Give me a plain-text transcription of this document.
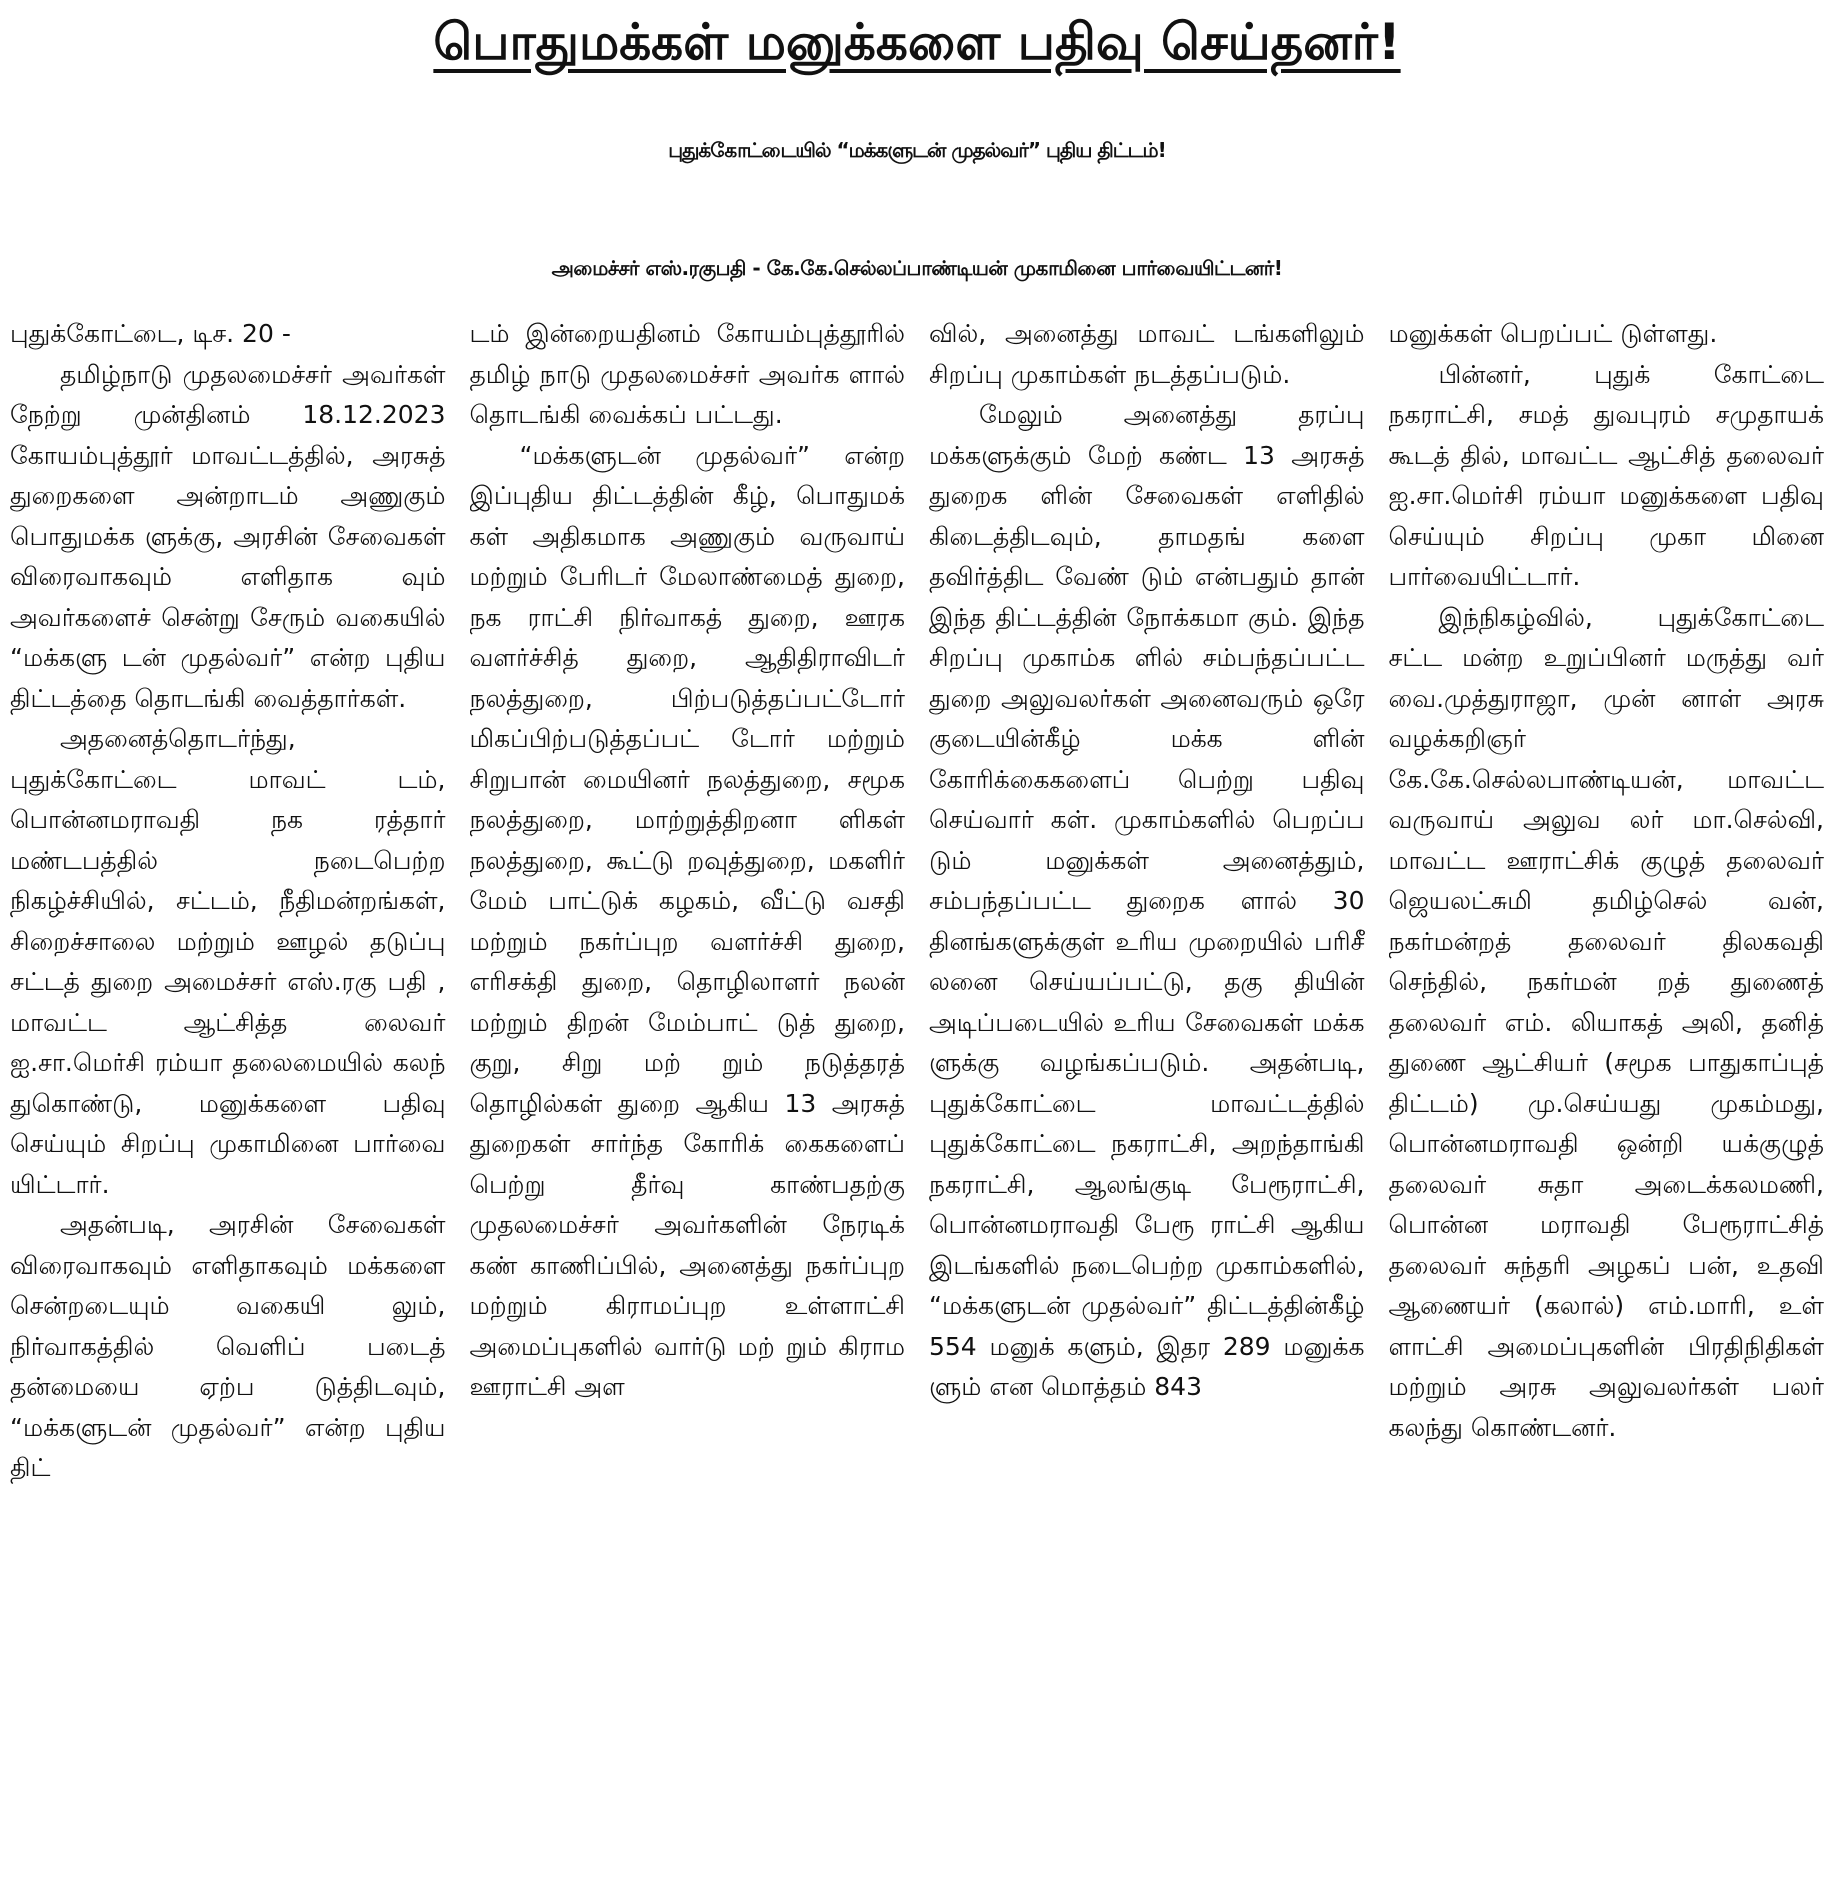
பொதுமக்கள் மனுக்களை பதிவு செய்தனர்!
புதுக்கோட்டையில் “மக்களுடன் முதல்வர்” புதிய திட்டம்!
அமைச்சர் எஸ்.ரகுபதி - கே.கே.செல்லப்பாண்டியன் முகாமினை பார்வையிட்டனர்!

புதுக்கோட்டை, டிச. 20 -

தமிழ்நாடு முதலமைச்சர் அவர்கள் நேற்று முன்தினம் 18.12.2023 கோயம்புத்தூர் மாவட்டத்தில், அரசுத் துறைகளை அன்றாடம் அணுகும் பொதுமக்க ளுக்கு, அரசின் சேவைகள் விரைவாகவும் எளிதாக வும் அவர்களைச் சென்று சேரும் வகையில் “மக்களு டன் முதல்வர்” என்ற புதிய திட்டத்தை தொடங்கி வைத்தார்கள்.

அதனைத்தொடர்ந்து, புதுக்கோட்டை மாவட் டம், பொன்னமராவதி நக ரத்தார் மண்டபத்தில் நடைபெற்ற நிகழ்ச்சியில், சட்டம், நீதிமன்றங்கள், சிறைச்சாலை மற்றும் ஊழல் தடுப்பு சட்டத் துறை அமைச்சர் எஸ்.ரகு பதி , மாவட்ட ஆட்சித்த லைவர் ஐ.சா.மெர்சி ரம்யா தலைமையில் கலந் துகொண்டு, மனுக்களை பதிவு செய்யும் சிறப்பு முகாமினை பார்வை யிட்டார்.

அதன்படி, அரசின் சேவைகள் விரைவாகவும் எளிதாகவும் மக்களை சென்றடையும் வகையி லும், நிர்வாகத்தில் வெளிப் படைத் தன்மையை ஏற்ப டுத்திடவும், “மக்களுடன் முதல்வர்” என்ற புதிய திட்

டம் இன்றையதினம் கோயம்புத்தூரில் தமிழ் நாடு முதலமைச்சர் அவர்க ளால் தொடங்கி வைக்கப் பட்டது.

“மக்களுடன் முதல்வர்” என்ற இப்புதிய திட்டத்தின் கீழ், பொதுமக் கள் அதிகமாக அணுகும் வருவாய் மற்றும் பேரிடர் மேலாண்மைத் துறை, நக ராட்சி நிர்வாகத் துறை, ஊரக வளர்ச்சித் துறை, ஆதிதிராவிடர் நலத்துறை, பிற்படுத்தப்பட்டோர் மிகப்பிற்படுத்தப்பட் டோர் மற்றும் சிறுபான் மையினர் நலத்துறை, சமூக நலத்துறை, மாற்றுத்திறனா ளிகள் நலத்துறை, கூட்டு றவுத்துறை, மகளிர் மேம் பாட்டுக் கழகம், வீட்டு வசதி மற்றும் நகர்ப்புற வளர்ச்சி துறை, எரிசக்தி துறை, தொழிலாளர் நலன் மற்றும் திறன் மேம்பாட் டுத் துறை, குறு, சிறு மற் றும் நடுத்தரத் தொழில்கள் துறை ஆகிய 13 அரசுத் துறைகள் சார்ந்த கோரிக் கைகளைப் பெற்று தீர்வு காண்பதற்கு முதலமைச்சர் அவர்களின் நேரடிக் கண் காணிப்பில், அனைத்து நகர்ப்புற மற்றும் கிராமப்புற உள்ளாட்சி அமைப்புகளில் வார்டு மற் றும் கிராம ஊராட்சி அள

வில், அனைத்து மாவட் டங்களிலும் சிறப்பு முகாம்கள் நடத்தப்படும்.

மேலும் அனைத்து தரப்பு மக்களுக்கும் மேற் கண்ட 13 அரசுத் துறைக ளின் சேவைகள் எளிதில் கிடைத்திடவும், தாமதங் களை தவிர்த்திட வேண் டும் என்பதும் தான் இந்த திட்டத்தின் நோக்கமா கும். இந்த சிறப்பு முகாம்க ளில் சம்பந்தப்பட்ட துறை அலுவலர்கள் அனைவரும் ஒரே குடையின்கீழ் மக்க ளின் கோரிக்கைகளைப் பெற்று பதிவு செய்வார் கள். முகாம்களில் பெறப்ப டும் மனுக்கள் அனைத்தும், சம்பந்தப்பட்ட துறைக ளால் 30 தினங்களுக்குள் உரிய முறையில் பரிசீ லனை செய்யப்பட்டு, தகு தியின் அடிப்படையில் உரிய சேவைகள் மக்க ளுக்கு வழங்கப்படும். அதன்படி, புதுக்கோட்டை மாவட்டத்தில் புதுக்கோட்டை நகராட்சி, அறந்தாங்கி நகராட்சி, ஆலங்குடி பேரூராட்சி, பொன்னமராவதி பேரூ ராட்சி ஆகிய இடங்களில் நடைபெற்ற முகாம்களில், “மக்களுடன் முதல்வர்” திட்டத்தின்கீழ் 554 மனுக் களும், இதர 289 மனுக்க ளும் என மொத்தம் 843

மனுக்கள் பெறப்பட் டுள்ளது.

பின்னர், புதுக் கோட்டை நகராட்சி, சமத் துவபுரம் சமுதாயக் கூடத் தில், மாவட்ட ஆட்சித் தலைவர் ஐ.சா.மெர்சி ரம்யா மனுக்களை பதிவு செய்யும் சிறப்பு முகா மினை பார்வையிட்டார்.

இந்நிகழ்வில், புதுக்கோட்டை சட்ட மன்ற உறுப்பினர் மருத்து வர் வை.முத்துராஜா, முன் னாள் அரசு வழக்கறிஞர் கே.கே.செல்லபாண்டியன், மாவட்ட வருவாய் அலுவ லர் மா.செல்வி, மாவட்ட ஊராட்சிக் குழுத் தலைவர் ஜெயலட்சுமி தமிழ்செல் வன், நகர்மன்றத் தலைவர் திலகவதி செந்தில், நகர்மன் றத் துணைத் தலைவர் எம். லியாகத் அலி, தனித் துணை ஆட்சியர் (சமூக பாதுகாப்புத் திட்டம்) மு.செய்யது முகம்மது, பொன்னமராவதி ஒன்றி யக்குழுத் தலைவர் சுதா அடைக்கலமணி, பொன்ன மராவதி பேரூராட்சித் தலைவர் சுந்தரி அழகப் பன், உதவி ஆணையர் (கலால்) எம்.மாரி, உள் ளாட்சி அமைப்புகளின் பிரதிநிதிகள் மற்றும் அரசு அலுவலர்கள் பலர் கலந்து கொண்டனர்.
